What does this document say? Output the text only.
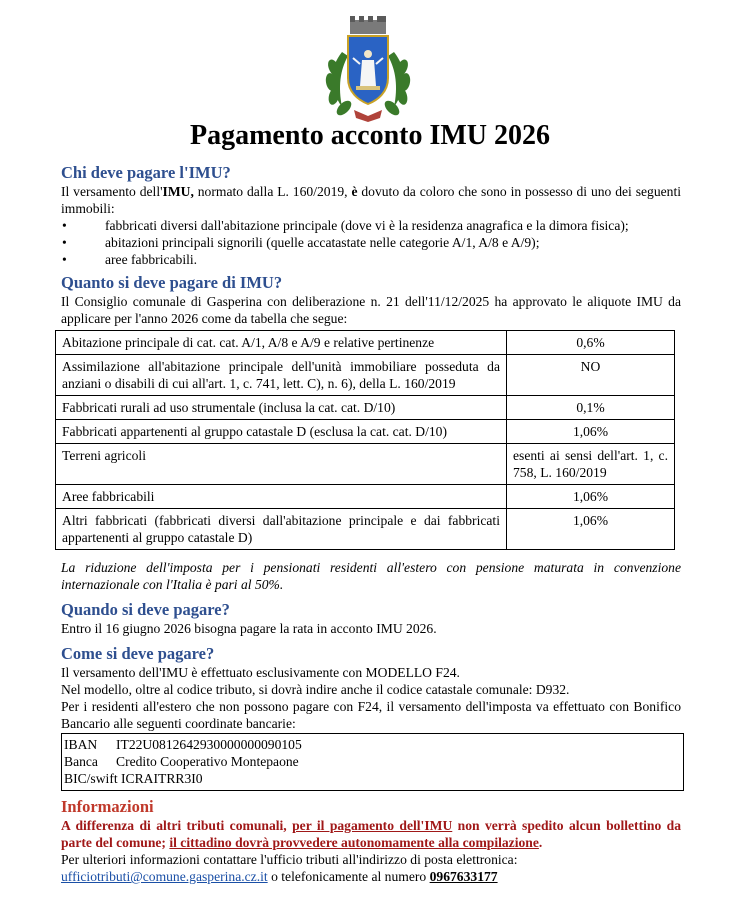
Pagamento acconto IMU 2026
Chi deve pagare l'IMU?

Il versamento dell'IMU, normato dalla L. 160/2019, è dovuto da coloro che sono in possesso di uno dei seguenti immobili:

• fabbricati diversi dall'abitazione principale (dove vi è la residenza anagrafica e la dimora fisica);
• abitazioni principali signorili (quelle accatastate nelle categorie A/1, A/8 e A/9);
• aree fabbricabili.
Quanto si deve pagare di IMU?

Il Consiglio comunale di Gasperina con deliberazione n. 21 dell'11/12/2025 ha approvato le aliquote IMU da applicare per l'anno 2026 come da tabella che segue:

Abitazione principale di cat. cat. A/1, A/8 e A/9 e relative pertinenze	0,6%
Assimilazione all'abitazione principale dell'unità immobiliare posseduta da anziani o disabili di cui all'art. 1, c. 741, lett. C), n. 6), della L. 160/2019	NO
Fabbricati rurali ad uso strumentale (inclusa la cat. cat. D/10)	0,1%
Fabbricati appartenenti al gruppo catastale D (esclusa la cat. cat. D/10)	1,06%
Terreni agricoli	esenti ai sensi dell'art. 1, c. 758, L. 160/2019
Aree fabbricabili	1,06%
Altri fabbricati (fabbricati diversi dall'abitazione principale e dai fabbricati appartenenti al gruppo catastale D)	1,06%

La riduzione dell'imposta per i pensionati residenti all'estero con pensione maturata in convenzione internazionale con l'Italia è pari al 50%.

Quando si deve pagare?

Entro il 16 giugno 2026 bisogna pagare la rata in acconto IMU 2026.

Come si deve pagare?

Il versamento dell'IMU è effettuato esclusivamente con MODELLO F24.

Nel modello, oltre al codice tributo, si dovrà indire anche il codice catastale comunale: D932.

Per i residenti all'estero che non possono pagare con F24, il versamento dell'imposta va effettuato con Bonifico Bancario alle seguenti coordinate bancarie:

IBAN IT22U0812642930000000090105
Banca Credito Cooperativo Montepaone
BIC/swift ICRAITRR3I0
Informazioni

A differenza di altri tributi comunali, per il pagamento dell'IMU non verrà spedito alcun bollettino da parte del comune; il cittadino dovrà provvedere autonomamente alla compilazione.

Per ulteriori informazioni contattare l'ufficio tributi all'indirizzo di posta elettronica:

ufficiotributi@comune.gasperina.cz.it o telefonicamente al numero 0967633177
